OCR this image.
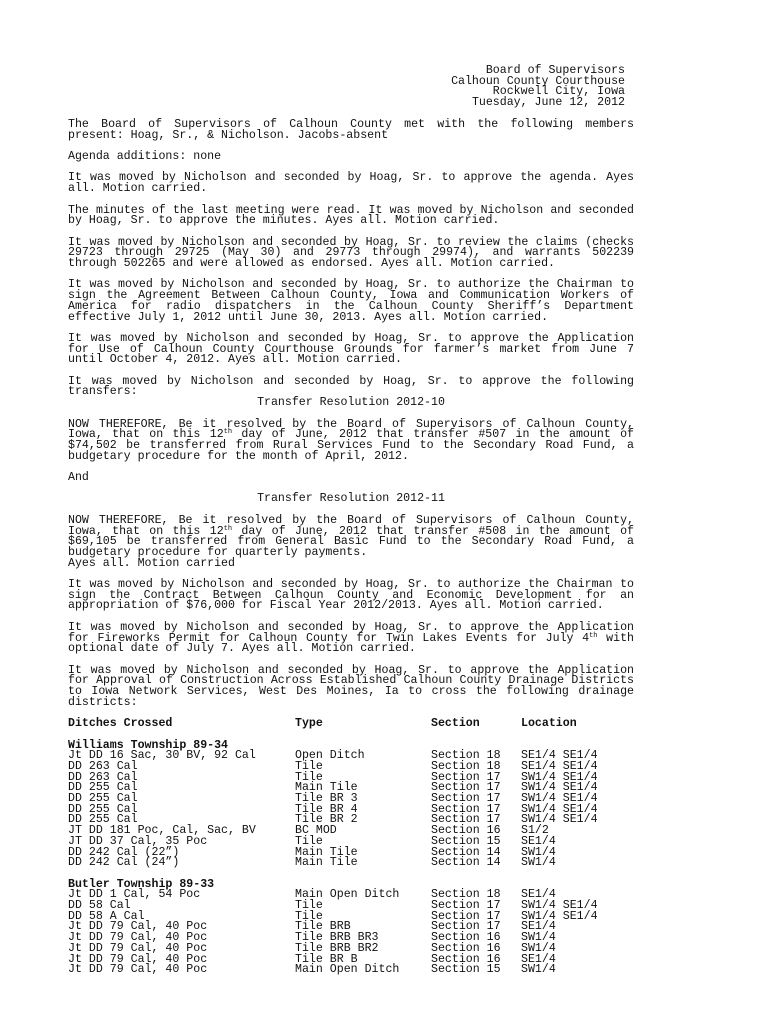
Board of Supervisors
Calhoun County Courthouse
Rockwell City, Iowa
Tuesday, June 12, 2012

The Board of Supervisors of Calhoun County met with the following members present: Hoag, Sr., & Nicholson. Jacobs-absent

Agenda additions: none

It was moved by Nicholson and seconded by Hoag, Sr. to approve the agenda. Ayes all. Motion carried.

The minutes of the last meeting were read. It was moved by Nicholson and seconded by Hoag, Sr. to approve the minutes. Ayes all. Motion carried.

It was moved by Nicholson and seconded by Hoag, Sr. to review the claims (checks 29723 through 29725 (May 30) and 29773 through 29974), and warrants 502239 through 502265 and were allowed as endorsed. Ayes all. Motion carried.

It was moved by Nicholson and seconded by Hoag, Sr. to authorize the Chairman to sign the Agreement Between Calhoun County, Iowa and Communication Workers of America for radio dispatchers in the Calhoun County Sheriff’s Department effective July 1, 2012 until June 30, 2013. Ayes all. Motion carried.

It was moved by Nicholson and seconded by Hoag, Sr. to approve the Application for Use of Calhoun County Courthouse Grounds for farmer’s market from June 7 until October 4, 2012. Ayes all. Motion carried.

It was moved by Nicholson and seconded by Hoag, Sr. to approve the following transfers:

Transfer Resolution 2012-10

NOW THEREFORE, Be it resolved by the Board of Supervisors of Calhoun County, Iowa, that on this 12th day of June, 2012 that transfer #507 in the amount of $74,502 be transferred from Rural Services Fund to the Secondary Road Fund, a budgetary procedure for the month of April, 2012.

And

Transfer Resolution 2012-11

NOW THEREFORE, Be it resolved by the Board of Supervisors of Calhoun County, Iowa, that on this 12th day of June, 2012 that transfer #508 in the amount of $69,105 be transferred from General Basic Fund to the Secondary Road Fund, a budgetary procedure for quarterly payments.

Ayes all. Motion carried

It was moved by Nicholson and seconded by Hoag, Sr. to authorize the Chairman to sign the Contract Between Calhoun County and Economic Development for an appropriation of $76,000 for Fiscal Year 2012/2013. Ayes all. Motion carried.

It was moved by Nicholson and seconded by Hoag, Sr. to approve the Application for Fireworks Permit for Calhoun County for Twin Lakes Events for July 4th with optional date of July 7. Ayes all. Motion carried.

It was moved by Nicholson and seconded by Hoag, Sr. to approve the Application for Approval of Construction Across Established Calhoun County Drainage Districts to Iowa Network Services, West Des Moines, Ia to cross the following drainage districts:

Ditches Crossed	Type	Section	Location

Williams Township 89-34			
Jt DD 16 Sac, 30 BV, 92 Cal	Open Ditch	Section 18	SE1/4 SE1/4
DD 263 Cal	Tile	Section 18	SE1/4 SE1/4
DD 263 Cal	Tile	Section 17	SW1/4 SE1/4
DD 255 Cal	Main Tile	Section 17	SW1/4 SE1/4
DD 255 Cal	Tile BR 3	Section 17	SW1/4 SE1/4
DD 255 Cal	Tile BR 4	Section 17	SW1/4 SE1/4
DD 255 Cal	Tile BR 2	Section 17	SW1/4 SE1/4
JT DD 181 Poc, Cal, Sac, BV	BC MOD	Section 16	S1/2
JT DD 37 Cal, 35 Poc	Tile	Section 15	SE1/4
DD 242 Cal (22”)	Main Tile	Section 14	SW1/4
DD 242 Cal (24”)	Main Tile	Section 14	SW1/4

Butler Township 89-33			
Jt DD 1 Cal, 54 Poc	Main Open Ditch	Section 18	SE1/4
DD 58 Cal	Tile	Section 17	SW1/4 SE1/4
DD 58 A Cal	Tile	Section 17	SW1/4 SE1/4
Jt DD 79 Cal, 40 Poc	Tile BRB	Section 17	SE1/4
Jt DD 79 Cal, 40 Poc	Tile BRB BR3	Section 16	SW1/4
Jt DD 79 Cal, 40 Poc	Tile BRB BR2	Section 16	SW1/4
Jt DD 79 Cal, 40 Poc	Tile BR B	Section 16	SE1/4
Jt DD 79 Cal, 40 Poc	Main Open Ditch	Section 15	SW1/4
